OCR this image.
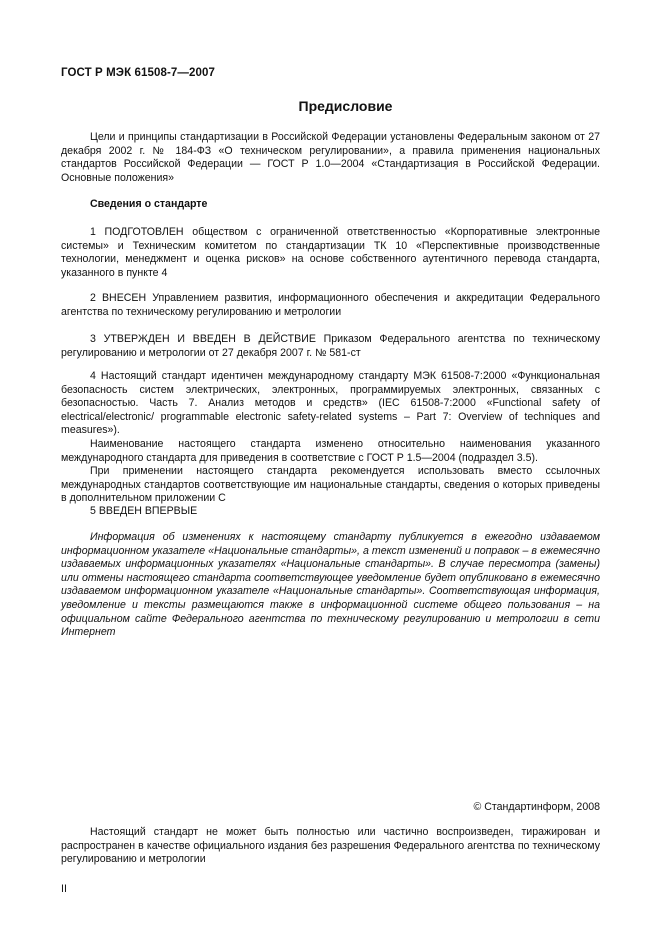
ГОСТ Р МЭК 61508-7—2007
Предисловие

Цели и принципы стандартизации в Российской Федерации установлены Федеральным законом от 27 декабря 2002 г. № 184-ФЗ «О техническом регулировании», а правила применения национальных стандартов Российской Федерации — ГОСТ Р 1.0—2004 «Стандартизация в Российской Федерации. Основные положения»

Сведения о стандарте

1 ПОДГОТОВЛЕН обществом с ограниченной ответственностью «Корпоративные электронные системы» и Техническим комитетом по стандартизации ТК 10 «Перспективные производственные технологии, менеджмент и оценка рисков» на основе собственного аутентичного перевода стандарта, указанного в пункте 4

2 ВНЕСЕН Управлением развития, информационного обеспечения и аккредитации Федерального агентства по техническому регулированию и метрологии

3 УТВЕРЖДЕН И ВВЕДЕН В ДЕЙСТВИЕ Приказом Федерального агентства по техническому регулированию и метрологии от 27 декабря 2007 г. № 581-ст

4 Настоящий стандарт идентичен международному стандарту МЭК 61508-7:2000 «Функциональная безопасность систем электрических, электронных, программируемых электронных, связанных с безопасностью. Часть 7. Анализ методов и средств» (IEC 61508-7:2000 «Functional safety of electrical/electronic/ programmable electronic safety-related systems – Part 7: Overview of techniques and measures»).

Наименование настоящего стандарта изменено относительно наименования указанного международного стандарта для приведения в соответствие с ГОСТ Р 1.5—2004 (подраздел 3.5).

При применении настоящего стандарта рекомендуется использовать вместо ссылочных международных стандартов соответствующие им национальные стандарты, сведения о которых приведены в дополнительном приложении С

5 ВВЕДЕН ВПЕРВЫЕ

Информация об изменениях к настоящему стандарту публикуется в ежегодно издаваемом информационном указателе «Национальные стандарты», а текст изменений и поправок – в ежемесячно издаваемых информационных указателях «Национальные стандарты». В случае пересмотра (замены) или отмены настоящего стандарта соответствующее уведомление будет опубликовано в ежемесячно издаваемом информационном указателе «Национальные стандарты». Соответствующая информация, уведомление и тексты размещаются также в информационной системе общего пользования – на официальном сайте Федерального агентства по техническому регулированию и метрологии в сети Интернет

© Стандартинформ, 2008

Настоящий стандарт не может быть полностью или частично воспроизведен, тиражирован и распространен в качестве официального издания без разрешения Федерального агентства по техническому регулированию и метрологии

II
